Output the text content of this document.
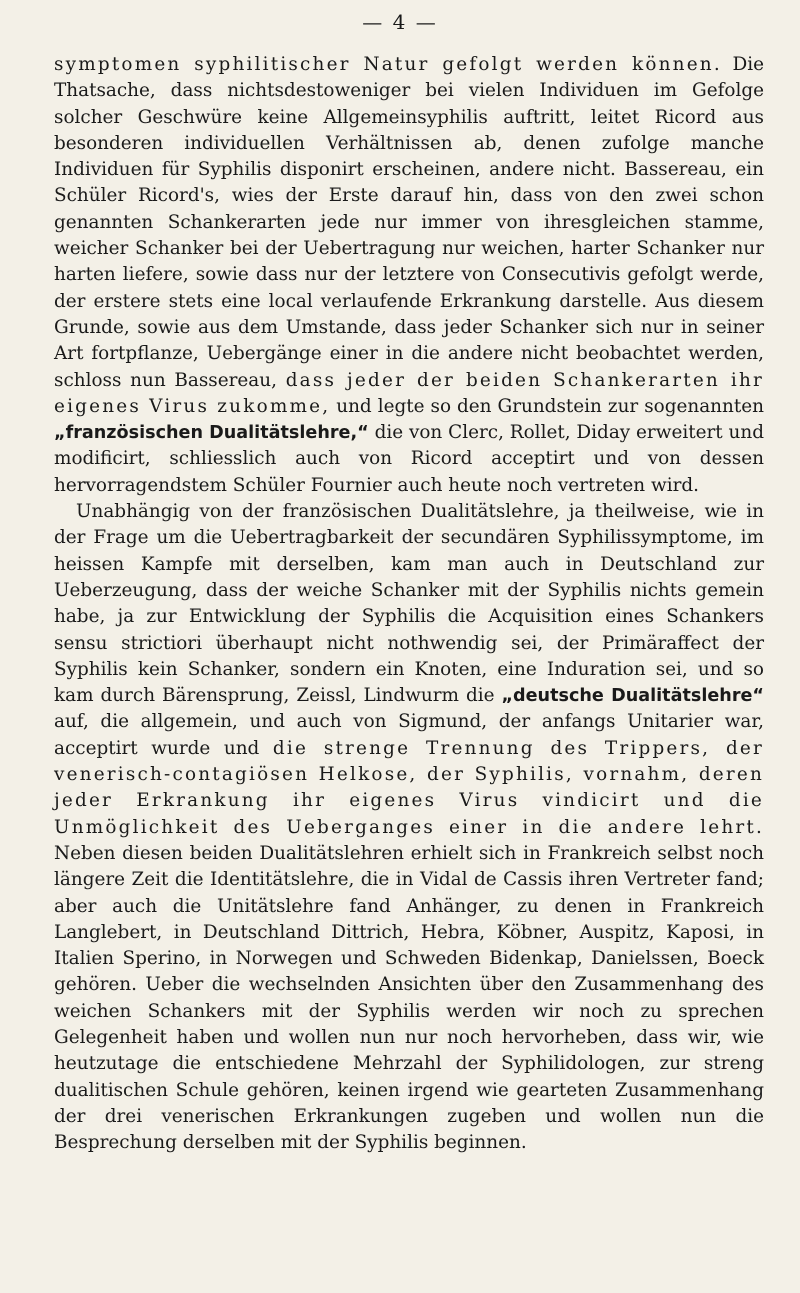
— 4 —

symptomen syphilitischer Natur gefolgt werden können. Die Thatsache, dass nichtsdestoweniger bei vielen Individuen im Gefolge solcher Geschwüre keine Allgemeinsyphilis auftritt, leitet Ricord aus besonderen individuellen Verhältnissen ab, denen zufolge manche Individuen für Syphilis disponirt erscheinen, andere nicht. Bassereau, ein Schüler Ricord's, wies der Erste darauf hin, dass von den zwei schon genannten Schankerarten jede nur immer von ihresgleichen stamme, weicher Schanker bei der Uebertragung nur weichen, harter Schanker nur harten liefere, sowie dass nur der letztere von Consecutivis gefolgt werde, der erstere stets eine local verlaufende Erkrankung darstelle. Aus diesem Grunde, sowie aus dem Umstande, dass jeder Schanker sich nur in seiner Art fortpflanze, Uebergänge einer in die andere nicht beobachtet werden, schloss nun Bassereau, dass jeder der beiden Schankerarten ihr eigenes Virus zukomme, und legte so den Grundstein zur sogenannten „französischen Dualitätslehre,“ die von Clerc, Rollet, Diday erweitert und modificirt, schliesslich auch von Ricord acceptirt und von dessen hervorragendstem Schüler Fournier auch heute noch vertreten wird.

Unabhängig von der französischen Dualitätslehre, ja theilweise, wie in der Frage um die Uebertragbarkeit der secundären Syphilissymptome, im heissen Kampfe mit derselben, kam man auch in Deutschland zur Ueberzeugung, dass der weiche Schanker mit der Syphilis nichts gemein habe, ja zur Entwicklung der Syphilis die Acquisition eines Schankers sensu strictiori überhaupt nicht nothwendig sei, der Primäraffect der Syphilis kein Schanker, sondern ein Knoten, eine Induration sei, und so kam durch Bärensprung, Zeissl, Lindwurm die „deutsche Dualitätslehre“ auf, die allgemein, und auch von Sigmund, der anfangs Unitarier war, acceptirt wurde und die strenge Trennung des Trippers, der venerisch-contagiösen Helkose, der Syphilis, vornahm, deren jeder Erkrankung ihr eigenes Virus vindicirt und die Unmöglichkeit des Ueberganges einer in die andere lehrt. Neben diesen beiden Dualitätslehren erhielt sich in Frankreich selbst noch längere Zeit die Identitätslehre, die in Vidal de Cassis ihren Vertreter fand; aber auch die Unitätslehre fand Anhänger, zu denen in Frankreich Langlebert, in Deutschland Dittrich, Hebra, Köbner, Auspitz, Kaposi, in Italien Sperino, in Norwegen und Schweden Bidenkap, Danielssen, Boeck gehören. Ueber die wechselnden Ansichten über den Zusammenhang des weichen Schankers mit der Syphilis werden wir noch zu sprechen Gelegenheit haben und wollen nun nur noch hervorheben, dass wir, wie heutzutage die entschiedene Mehrzahl der Syphilidologen, zur streng dualitischen Schule gehören, keinen irgend wie gearteten Zusammenhang der drei venerischen Erkrankungen zugeben und wollen nun die Besprechung derselben mit der Syphilis beginnen.
